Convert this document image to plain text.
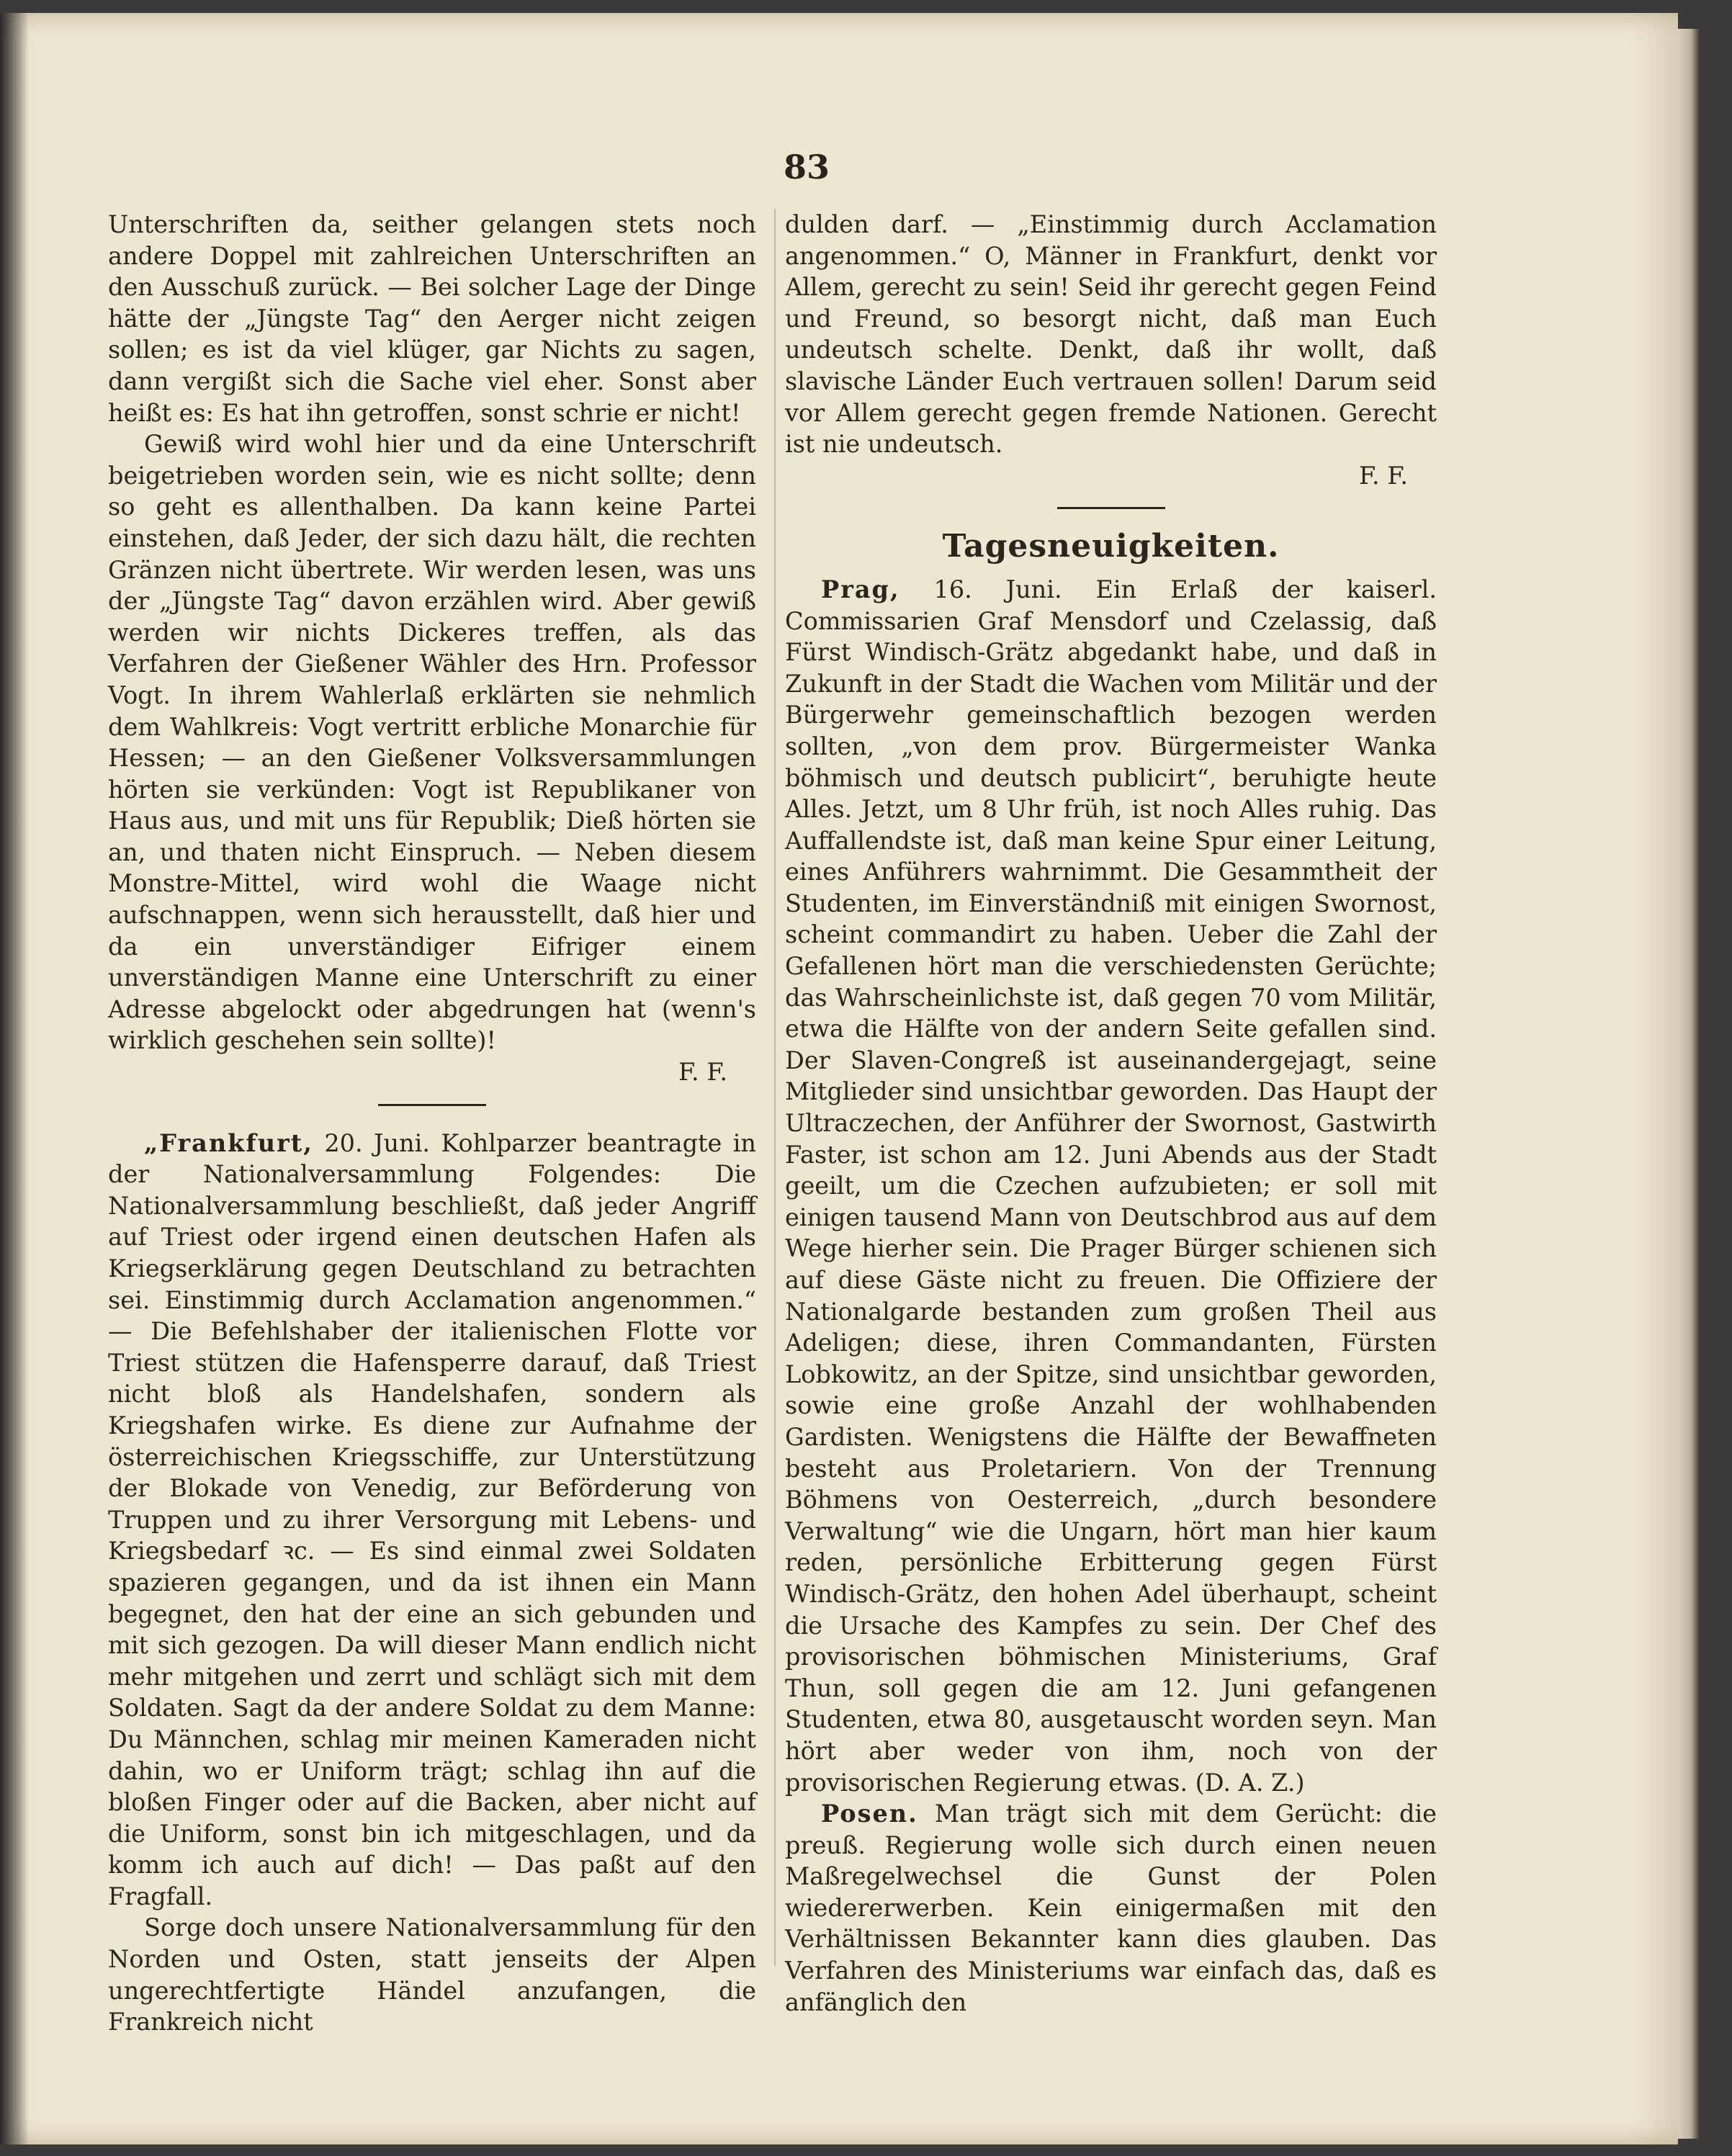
83

Unterschriften da, seither gelangen stets noch andere Doppel mit zahlreichen Unterschriften an den Ausschuß zurück. — Bei solcher Lage der Dinge hätte der „Jüngste Tag“ den Aerger nicht zeigen sollen; es ist da viel klüger, gar Nichts zu sagen, dann vergißt sich die Sache viel eher. Sonst aber heißt es: Es hat ihn getroffen, sonst schrie er nicht!

Gewiß wird wohl hier und da eine Unterschrift beigetrieben worden sein, wie es nicht sollte; denn so geht es allenthalben. Da kann keine Partei einstehen, daß Jeder, der sich dazu hält, die rechten Gränzen nicht übertrete. Wir werden lesen, was uns der „Jüngste Tag“ davon erzählen wird. Aber gewiß werden wir nichts Dickeres treffen, als das Verfahren der Gießener Wähler des Hrn. Professor Vogt. In ihrem Wahlerlaß erklärten sie nehmlich dem Wahlkreis: Vogt vertritt erbliche Monarchie für Hessen; — an den Gießener Volksversammlungen hörten sie verkünden: Vogt ist Republikaner von Haus aus, und mit uns für Republik; Dieß hörten sie an, und thaten nicht Einspruch. — Neben diesem Monstre-Mittel, wird wohl die Waage nicht aufschnappen, wenn sich herausstellt, daß hier und da ein unverständiger Eifriger einem unverständigen Manne eine Unterschrift zu einer Adresse abgelockt oder abgedrungen hat (wenn's wirklich geschehen sein sollte)!

F. F.

„Frankfurt, 20. Juni. Kohlparzer beantragte in der Nationalversammlung Folgendes: Die Nationalversammlung beschließt, daß jeder Angriff auf Triest oder irgend einen deutschen Hafen als Kriegserklärung gegen Deutschland zu betrachten sei. Einstimmig durch Acclamation angenommen.“ — Die Befehlshaber der italienischen Flotte vor Triest stützen die Hafensperre darauf, daß Triest nicht bloß als Handelshafen, sondern als Kriegshafen wirke. Es diene zur Aufnahme der österreichischen Kriegsschiffe, zur Unterstützung der Blokade von Venedig, zur Beförderung von Truppen und zu ihrer Versorgung mit Lebens- und Kriegsbedarf ꝛc. — Es sind einmal zwei Soldaten spazieren gegangen, und da ist ihnen ein Mann begegnet, den hat der eine an sich gebunden und mit sich gezogen. Da will dieser Mann endlich nicht mehr mitgehen und zerrt und schlägt sich mit dem Soldaten. Sagt da der andere Soldat zu dem Manne: Du Männchen, schlag mir meinen Kameraden nicht dahin, wo er Uniform trägt; schlag ihn auf die bloßen Finger oder auf die Backen, aber nicht auf die Uniform, sonst bin ich mitgeschlagen, und da komm ich auch auf dich! — Das paßt auf den Fragfall.

Sorge doch unsere Nationalversammlung für den Norden und Osten, statt jenseits der Alpen ungerechtfertigte Händel anzufangen, die Frankreich nicht

dulden darf. — „Einstimmig durch Acclamation angenommen.“ O, Männer in Frankfurt, denkt vor Allem, gerecht zu sein! Seid ihr gerecht gegen Feind und Freund, so besorgt nicht, daß man Euch undeutsch schelte. Denkt, daß ihr wollt, daß slavische Länder Euch vertrauen sollen! Darum seid vor Allem gerecht gegen fremde Nationen. Gerecht ist nie undeutsch.

F. F.

Tagesneuigkeiten.

Prag, 16. Juni. Ein Erlaß der kaiserl. Commissarien Graf Mensdorf und Czelassig, daß Fürst Windisch-Grätz abgedankt habe, und daß in Zukunft in der Stadt die Wachen vom Militär und der Bürgerwehr gemeinschaftlich bezogen werden sollten, „von dem prov. Bürgermeister Wanka böhmisch und deutsch publicirt“, beruhigte heute Alles. Jetzt, um 8 Uhr früh, ist noch Alles ruhig. Das Auffallendste ist, daß man keine Spur einer Leitung, eines Anführers wahrnimmt. Die Gesammtheit der Studenten, im Einverständniß mit einigen Swornost, scheint commandirt zu haben. Ueber die Zahl der Gefallenen hört man die verschiedensten Gerüchte; das Wahrscheinlichste ist, daß gegen 70 vom Militär, etwa die Hälfte von der andern Seite gefallen sind. Der Slaven-Congreß ist auseinandergejagt, seine Mitglieder sind unsichtbar geworden. Das Haupt der Ultraczechen, der Anführer der Swornost, Gastwirth Faster, ist schon am 12. Juni Abends aus der Stadt geeilt, um die Czechen aufzubieten; er soll mit einigen tausend Mann von Deutschbrod aus auf dem Wege hierher sein. Die Prager Bürger schienen sich auf diese Gäste nicht zu freuen. Die Offiziere der Nationalgarde bestanden zum großen Theil aus Adeligen; diese, ihren Commandanten, Fürsten Lobkowitz, an der Spitze, sind unsichtbar geworden, sowie eine große Anzahl der wohlhabenden Gardisten. Wenigstens die Hälfte der Bewaffneten besteht aus Proletariern. Von der Trennung Böhmens von Oesterreich, „durch besondere Verwaltung“ wie die Ungarn, hört man hier kaum reden, persönliche Erbitterung gegen Fürst Windisch-Grätz, den hohen Adel überhaupt, scheint die Ursache des Kampfes zu sein. Der Chef des provisorischen böhmischen Ministeriums, Graf Thun, soll gegen die am 12. Juni gefangenen Studenten, etwa 80, ausgetauscht worden seyn. Man hört aber weder von ihm, noch von der provisorischen Regierung etwas. (D. A. Z.)

Posen. Man trägt sich mit dem Gerücht: die preuß. Regierung wolle sich durch einen neuen Maßregelwechsel die Gunst der Polen wiedererwerben. Kein einigermaßen mit den Verhältnissen Bekannter kann dies glauben. Das Verfahren des Ministeriums war einfach das, daß es anfänglich den
